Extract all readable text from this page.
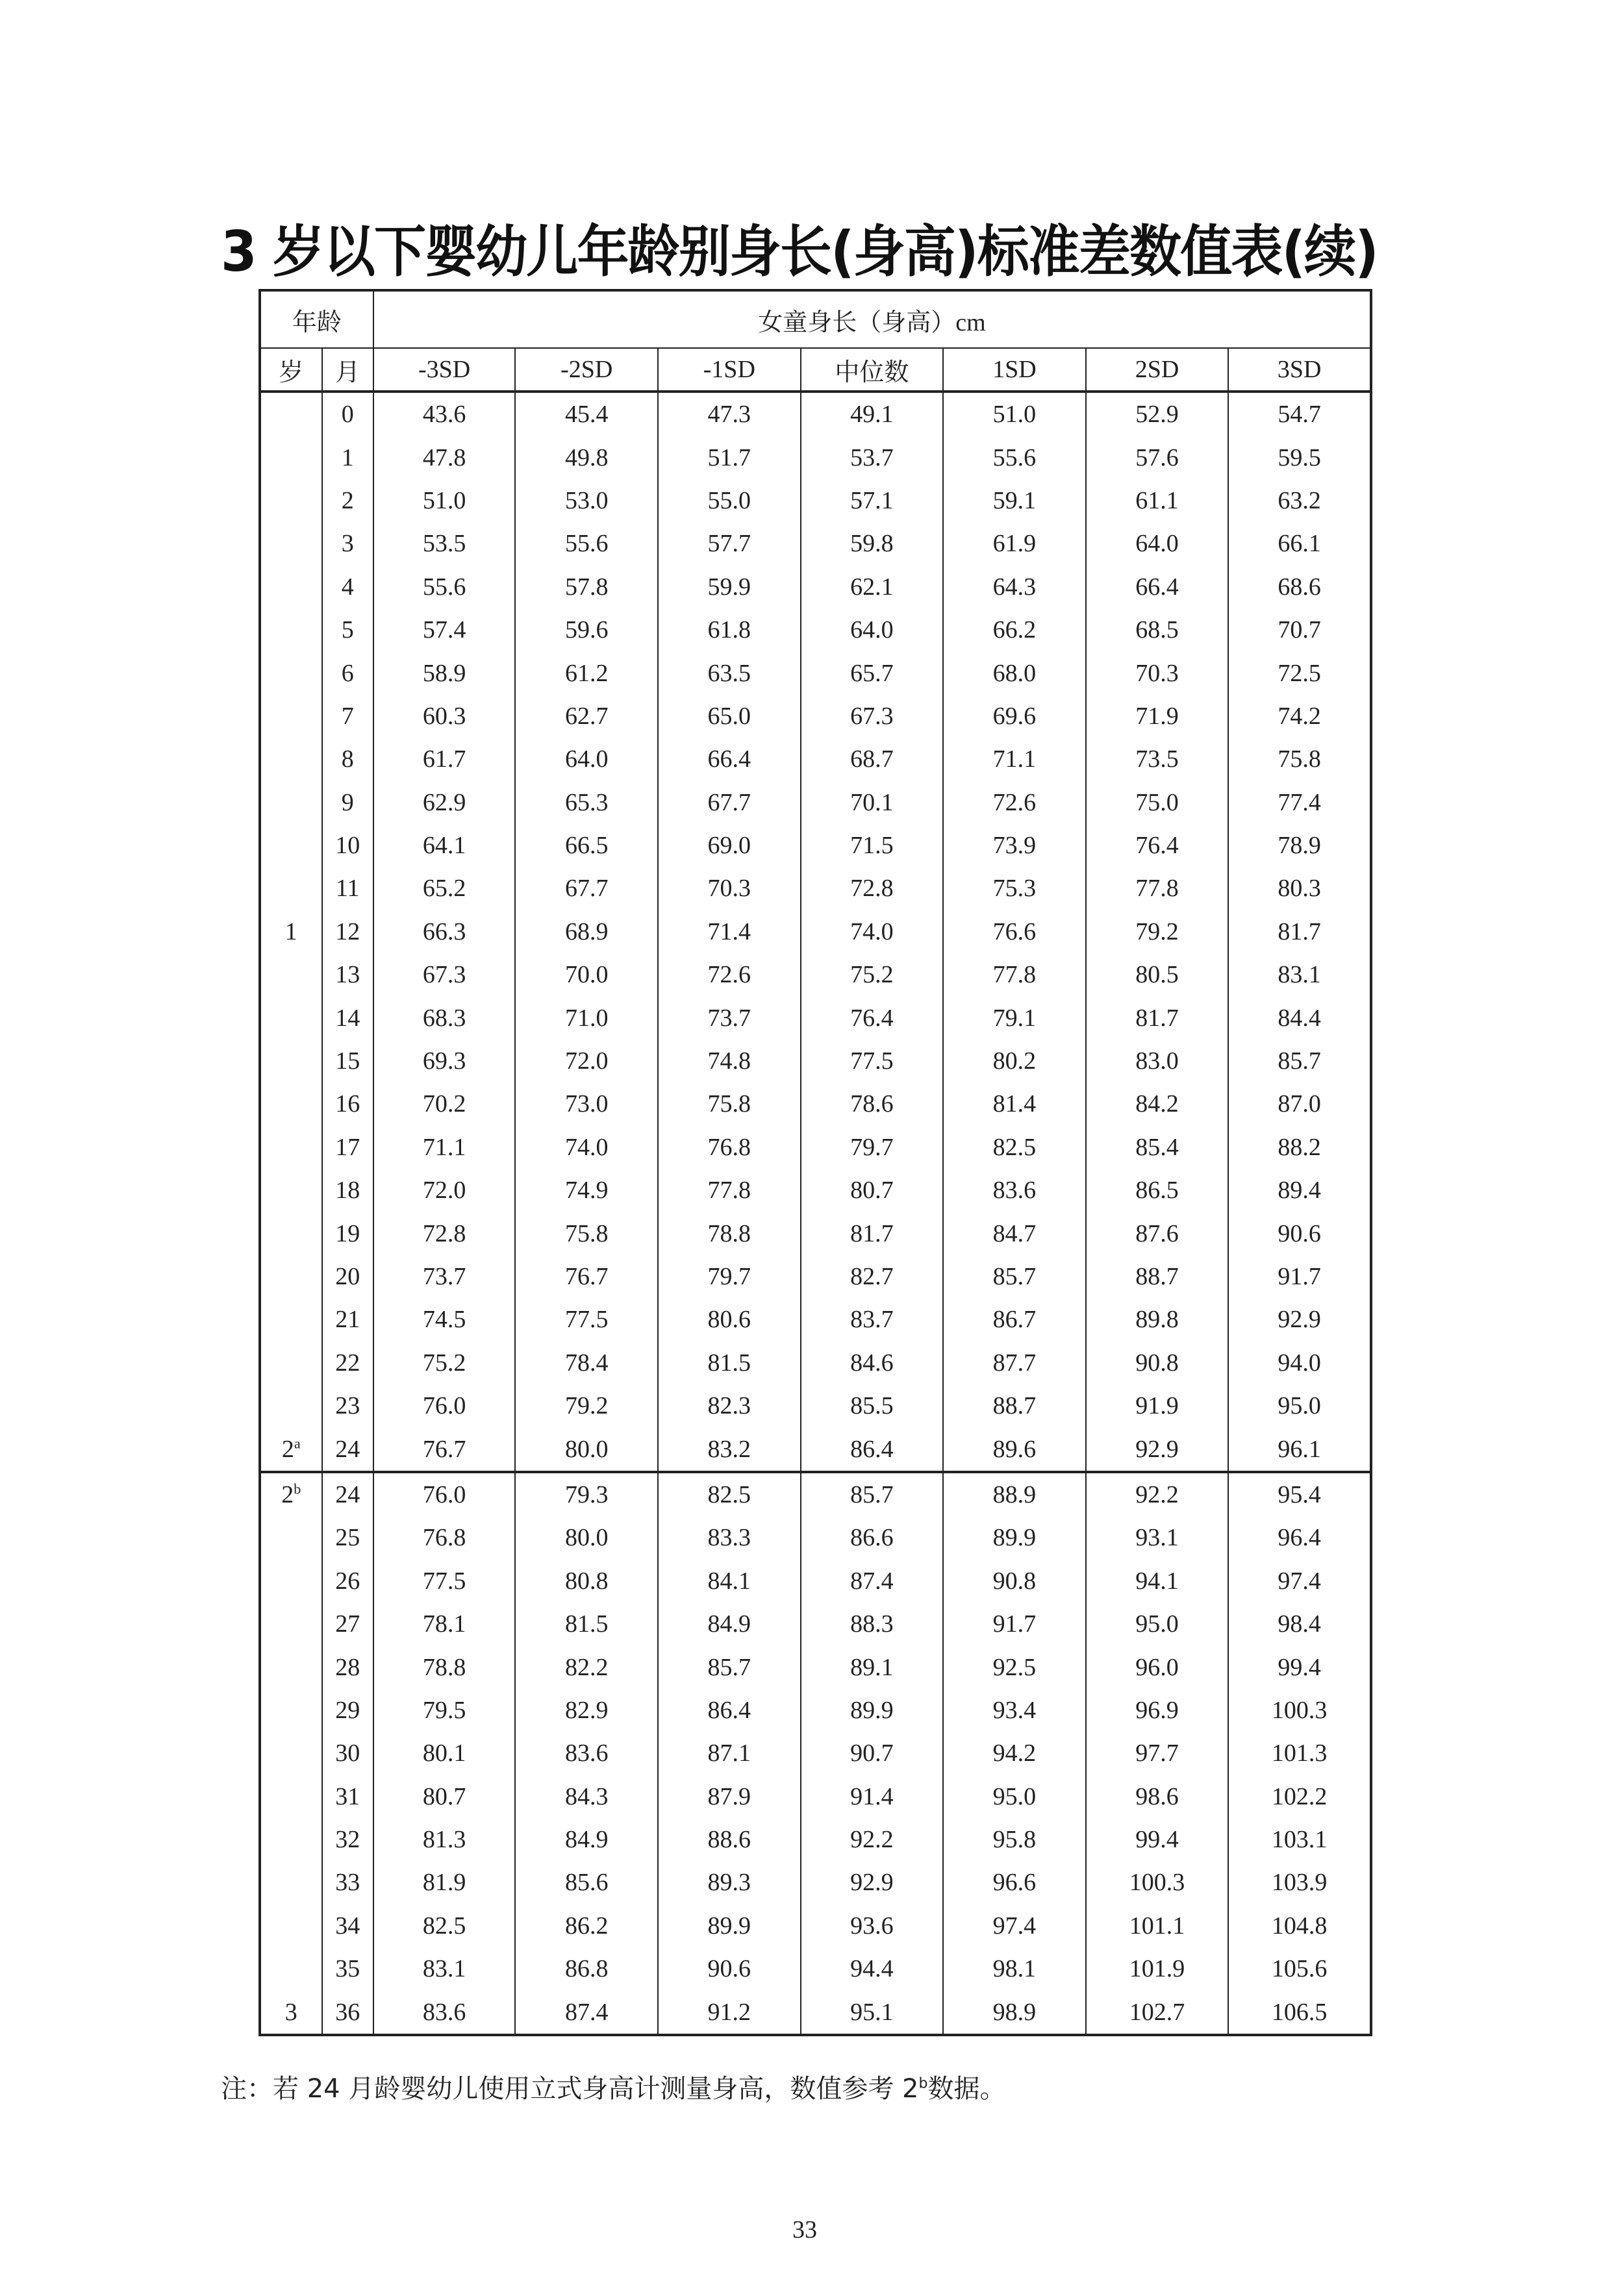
3 岁以下婴幼儿年龄别身长(身高)标准差数值表(续)
年龄		女童身长（身高）cm						
岁	月	-3SD	-2SD	-1SD	中位数	1SD	2SD	3SD
	0	43.6	45.4	47.3	49.1	51.0	52.9	54.7
	1	47.8	49.8	51.7	53.7	55.6	57.6	59.5
	2	51.0	53.0	55.0	57.1	59.1	61.1	63.2
	3	53.5	55.6	57.7	59.8	61.9	64.0	66.1
	4	55.6	57.8	59.9	62.1	64.3	66.4	68.6
	5	57.4	59.6	61.8	64.0	66.2	68.5	70.7
	6	58.9	61.2	63.5	65.7	68.0	70.3	72.5
	7	60.3	62.7	65.0	67.3	69.6	71.9	74.2
	8	61.7	64.0	66.4	68.7	71.1	73.5	75.8
	9	62.9	65.3	67.7	70.1	72.6	75.0	77.4
	10	64.1	66.5	69.0	71.5	73.9	76.4	78.9
	11	65.2	67.7	70.3	72.8	75.3	77.8	80.3
1	12	66.3	68.9	71.4	74.0	76.6	79.2	81.7
	13	67.3	70.0	72.6	75.2	77.8	80.5	83.1
	14	68.3	71.0	73.7	76.4	79.1	81.7	84.4
	15	69.3	72.0	74.8	77.5	80.2	83.0	85.7
	16	70.2	73.0	75.8	78.6	81.4	84.2	87.0
	17	71.1	74.0	76.8	79.7	82.5	85.4	88.2
	18	72.0	74.9	77.8	80.7	83.6	86.5	89.4
	19	72.8	75.8	78.8	81.7	84.7	87.6	90.6
	20	73.7	76.7	79.7	82.7	85.7	88.7	91.7
	21	74.5	77.5	80.6	83.7	86.7	89.8	92.9
	22	75.2	78.4	81.5	84.6	87.7	90.8	94.0
	23	76.0	79.2	82.3	85.5	88.7	91.9	95.0
2$^a$	24	76.7	80.0	83.2	86.4	89.6	92.9	96.1
2$^b$	24	76.0	79.3	82.5	85.7	88.9	92.2	95.4
	25	76.8	80.0	83.3	86.6	89.9	93.1	96.4
	26	77.5	80.8	84.1	87.4	90.8	94.1	97.4
	27	78.1	81.5	84.9	88.3	91.7	95.0	98.4
	28	78.8	82.2	85.7	89.1	92.5	96.0	99.4
	29	79.5	82.9	86.4	89.9	93.4	96.9	100.3
	30	80.1	83.6	87.1	90.7	94.2	97.7	101.3
	31	80.7	84.3	87.9	91.4	95.0	98.6	102.2
	32	81.3	84.9	88.6	92.2	95.8	99.4	103.1
	33	81.9	85.6	89.3	92.9	96.6	100.3	103.9
	34	82.5	86.2	89.9	93.6	97.4	101.1	104.8
	35	83.1	86.8	90.6	94.4	98.1	101.9	105.6
3	36	83.6	87.4	91.2	95.1	98.9	102.7	106.5
注：若 24 月龄婴幼儿使用立式身高计测量身高，数值参考 2$^b$数据。
33
